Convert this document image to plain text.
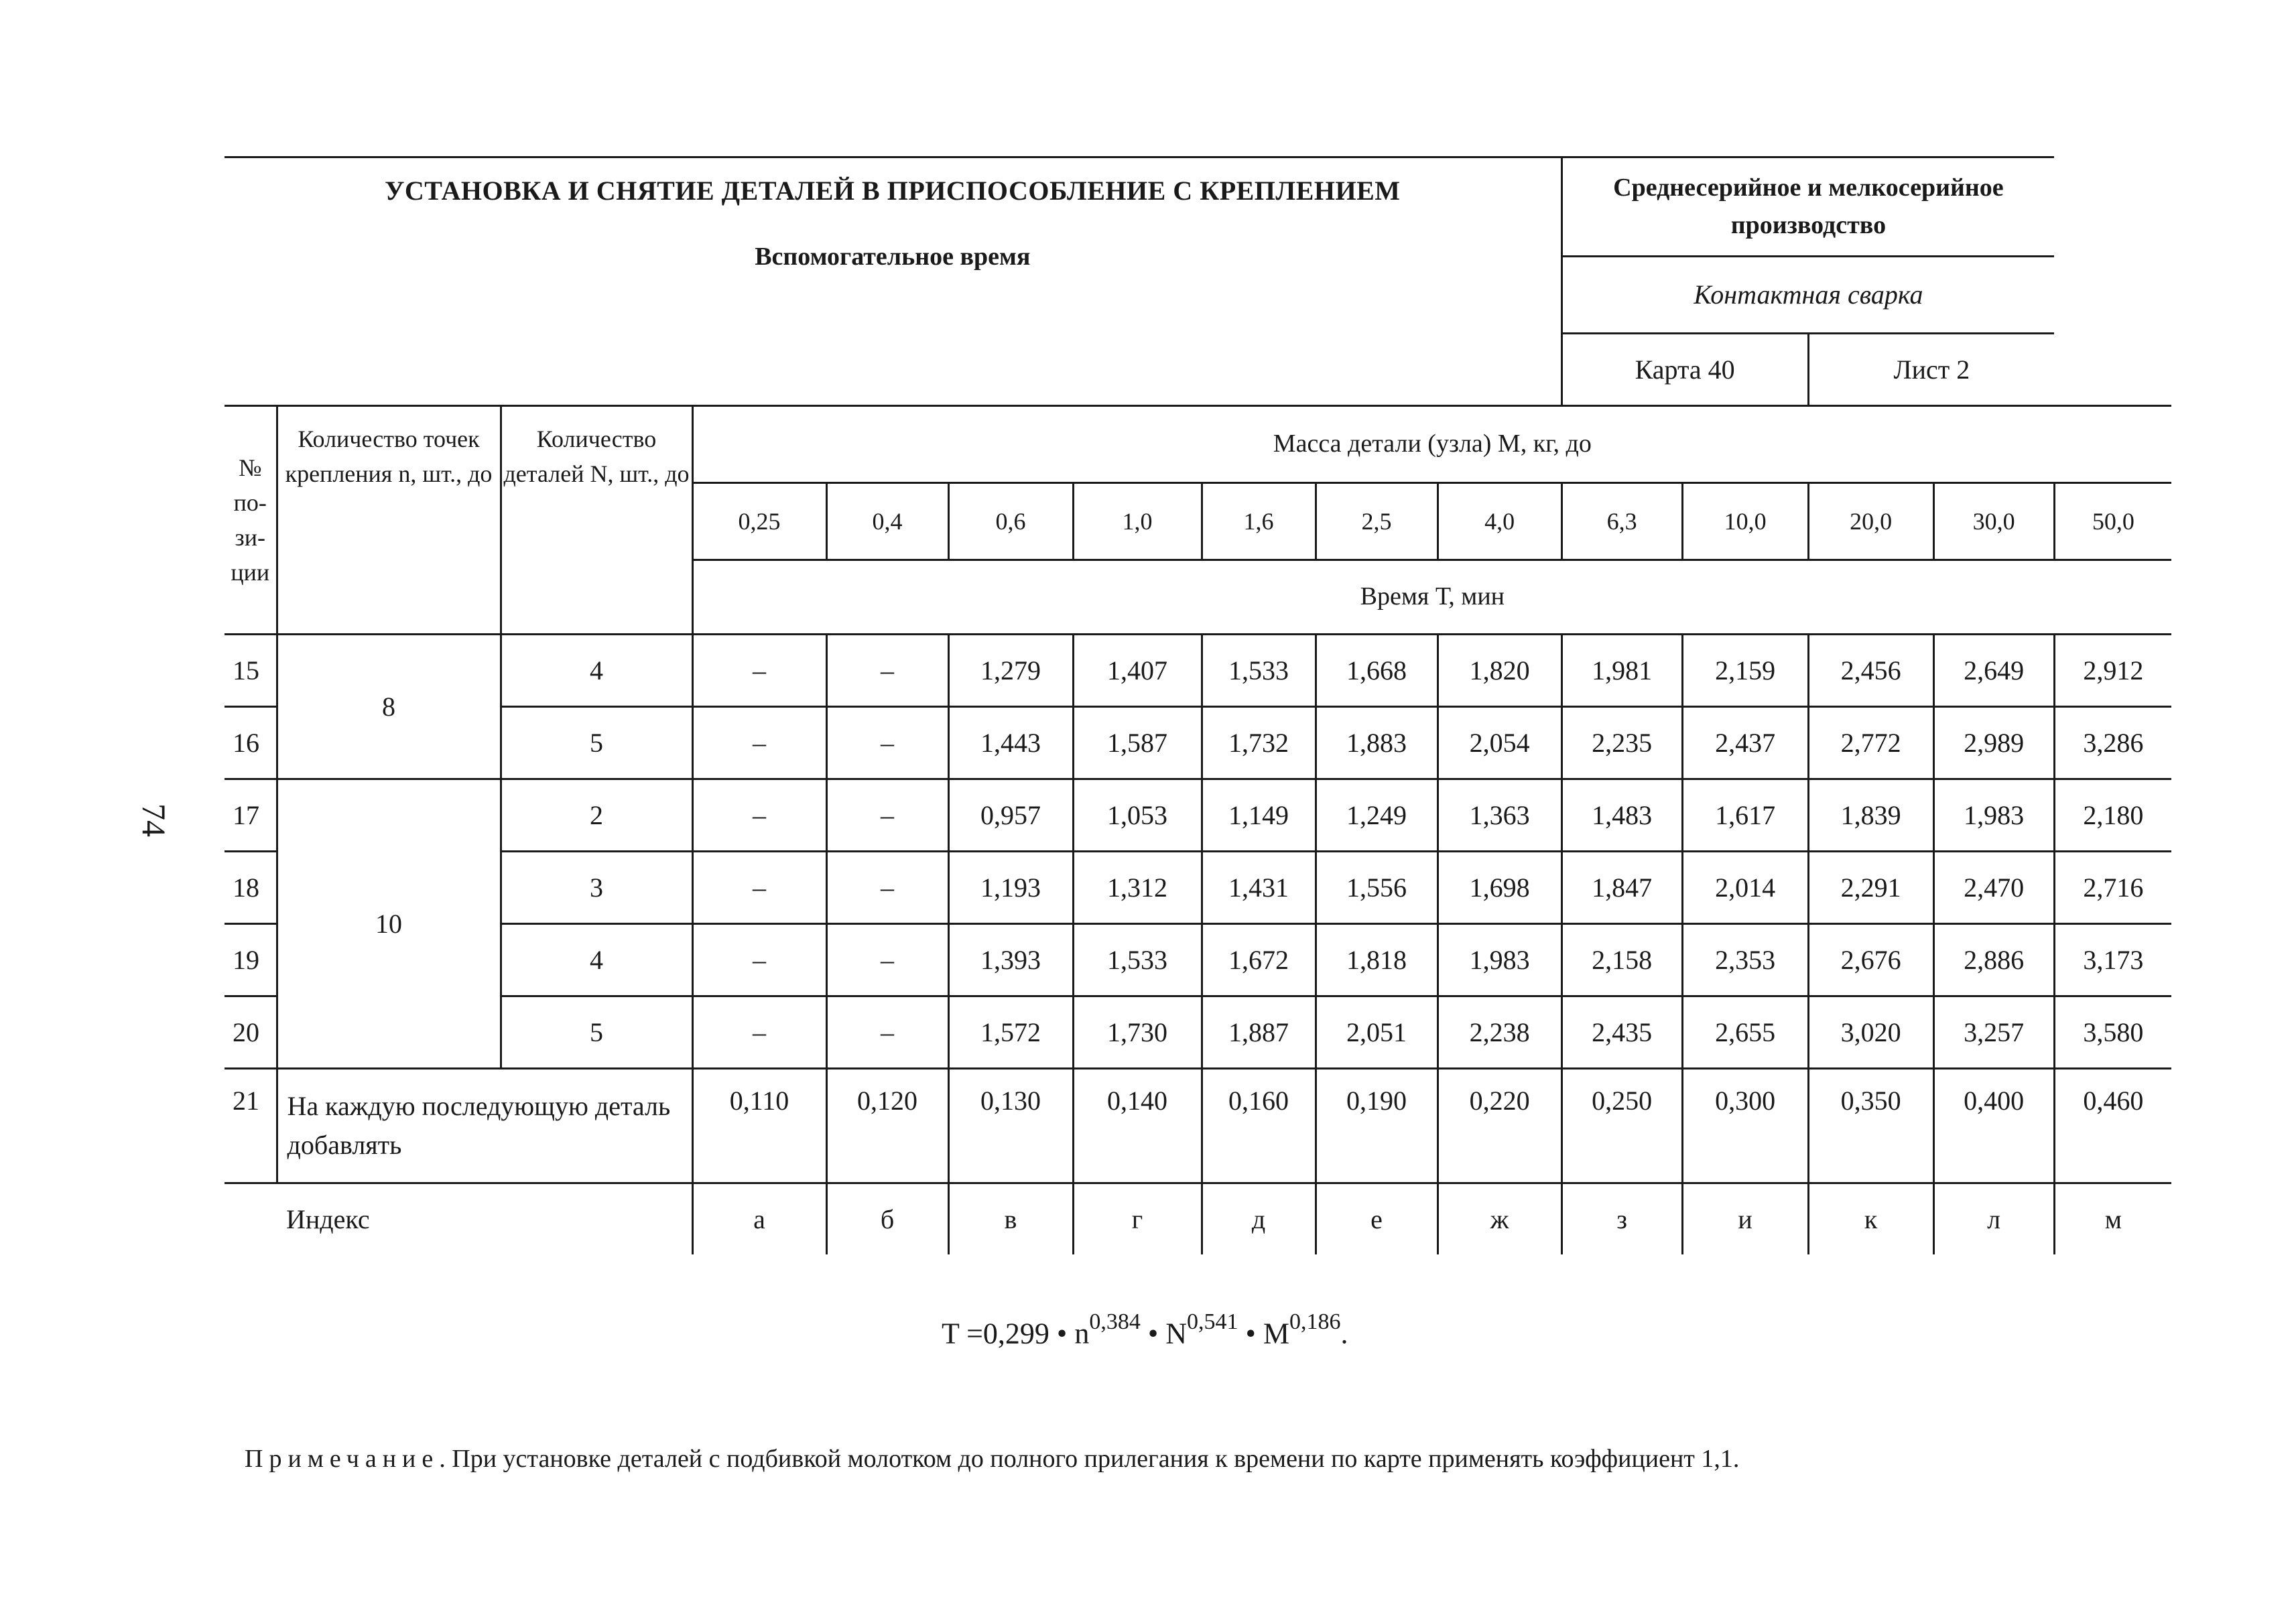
74
УСТАНОВКА И СНЯТИЕ ДЕТАЛЕЙ В ПРИСПОСОБЛЕНИЕ С КРЕПЛЕНИЕМ
Вспомогательное время										Среднесерийное и мелкосерийное производство				
										Контактная сварка				
										Карта 40		Лист 2		
№
по-
зи-
ции	Количество точек крепления n, шт., до	Количество деталей N, шт., до	Масса детали (узла) М, кг, до											
			0,25	0,4	0,6	1,0	1,6	2,5	4,0	6,3	10,0	20,0	30,0	50,0
			Время Т, мин											
15	8	4	–	–	1,279	1,407	1,533	1,668	1,820	1,981	2,159	2,456	2,649	2,912
16		5	–	–	1,443	1,587	1,732	1,883	2,054	2,235	2,437	2,772	2,989	3,286
17	10	2	–	–	0,957	1,053	1,149	1,249	1,363	1,483	1,617	1,839	1,983	2,180
18		3	–	–	1,193	1,312	1,431	1,556	1,698	1,847	2,014	2,291	2,470	2,716
19		4	–	–	1,393	1,533	1,672	1,818	1,983	2,158	2,353	2,676	2,886	3,173
20		5	–	–	1,572	1,730	1,887	2,051	2,238	2,435	2,655	3,020	3,257	3,580
21	На каждую последующую деталь добавлять		0,110	0,120	0,130	0,140	0,160	0,190	0,220	0,250	0,300	0,350	0,400	0,460
Индекс			а	б	в	г	д	е	ж	з	и	к	л	м
T =0,299 • $n^{0,384}$ • N$^{0,541}$ • M$^{0,186}$.
Примечание. При установке деталей с подбивкой молотком до полного прилегания к времени по карте применять коэффициент 1,1.
